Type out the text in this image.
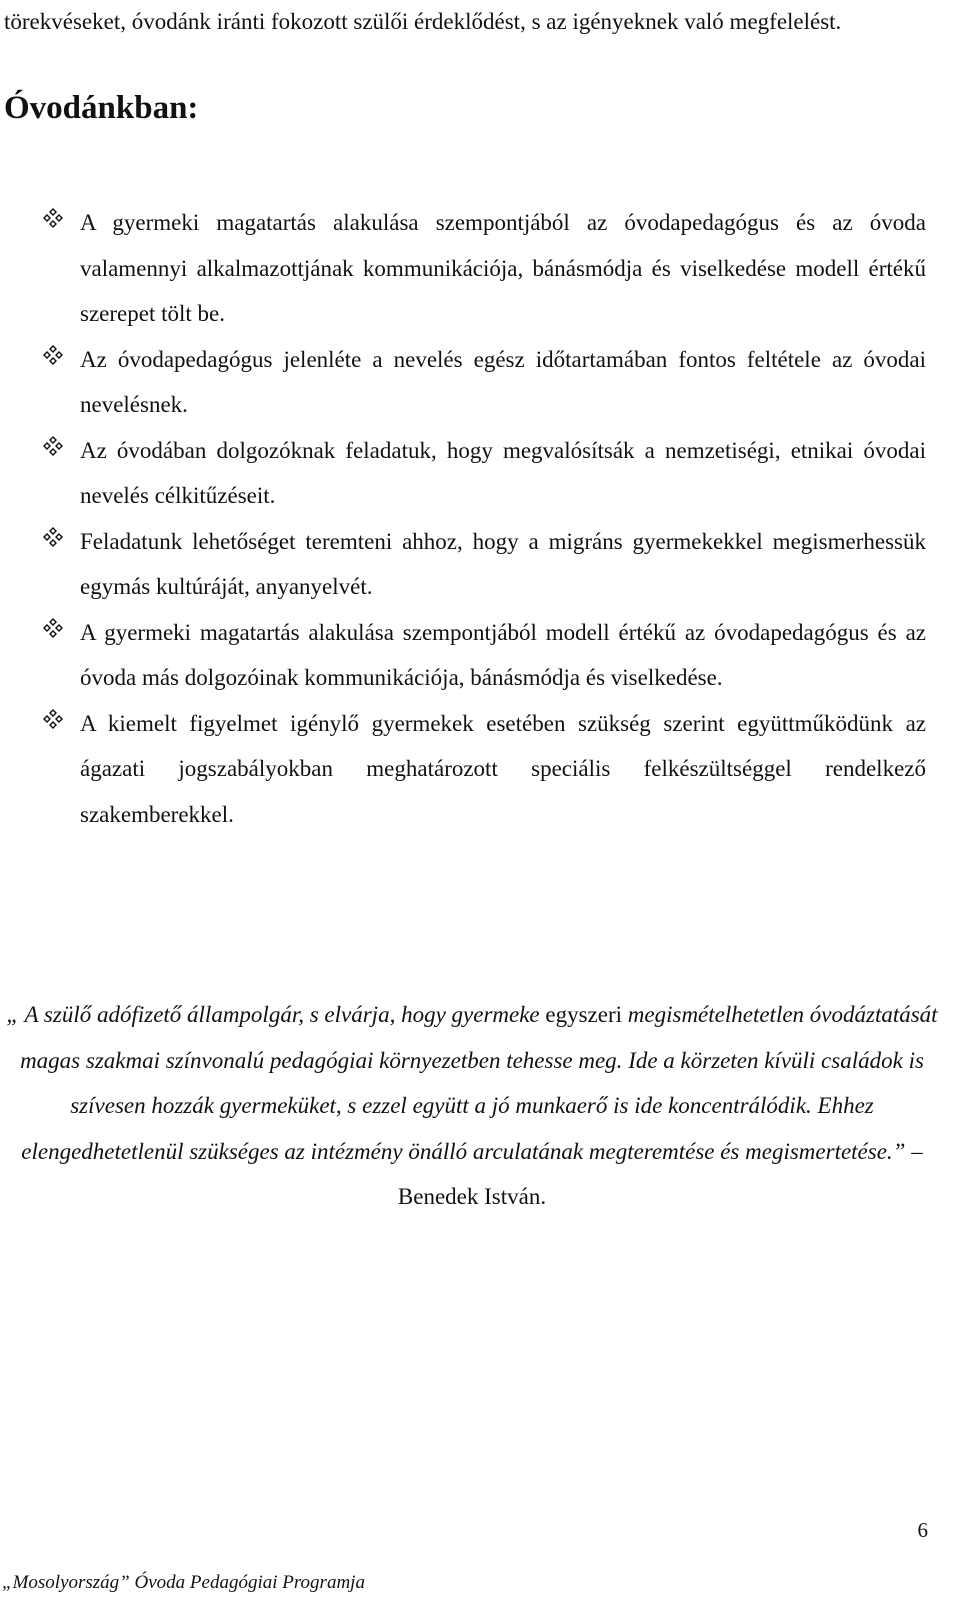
törekvéseket, óvodánk iránti fokozott szülői érdeklődést, s az igényeknek való megfelelést.
Óvodánkban:
A gyermeki magatartás alakulása szempontjából az óvodapedagógus és az óvoda valamennyi alkalmazottjának kommunikációja, bánásmódja és viselkedése modell értékű szerepet tölt be.
Az óvodapedagógus jelenléte a nevelés egész időtartamában fontos feltétele az óvodai nevelésnek.
Az óvodában dolgozóknak feladatuk, hogy megvalósítsák a nemzetiségi, etnikai óvodai nevelés célkitűzéseit.
Feladatunk lehetőséget teremteni ahhoz, hogy a migráns gyermekekkel megismerhessük egymás kultúráját, anyanyelvét.
A gyermeki magatartás alakulása szempontjából modell értékű az óvodapedagógus és az óvoda más dolgozóinak kommunikációja, bánásmódja és viselkedése.
A kiemelt figyelmet igénylő gyermekek esetében szükség szerint együttműködünk az ágazati jogszabályokban meghatározott speciális felkészültséggel rendelkező szakemberekkel.
„ A szülő adófizető állampolgár, s elvárja, hogy gyermeke egyszeri megismételhetetlen óvodáztatását magas szakmai színvonalú pedagógiai környezetben tehesse meg. Ide a körzeten kívüli családok is szívesen hozzák gyermeküket, s ezzel együtt a jó munkaerő is ide koncentrálódik. Ehhez elengedhetetlenül szükséges az intézmény önálló arculatának megteremtése és megismertetése.” – Benedek István.
6
„Mosolyország” Óvoda Pedagógiai Programja
